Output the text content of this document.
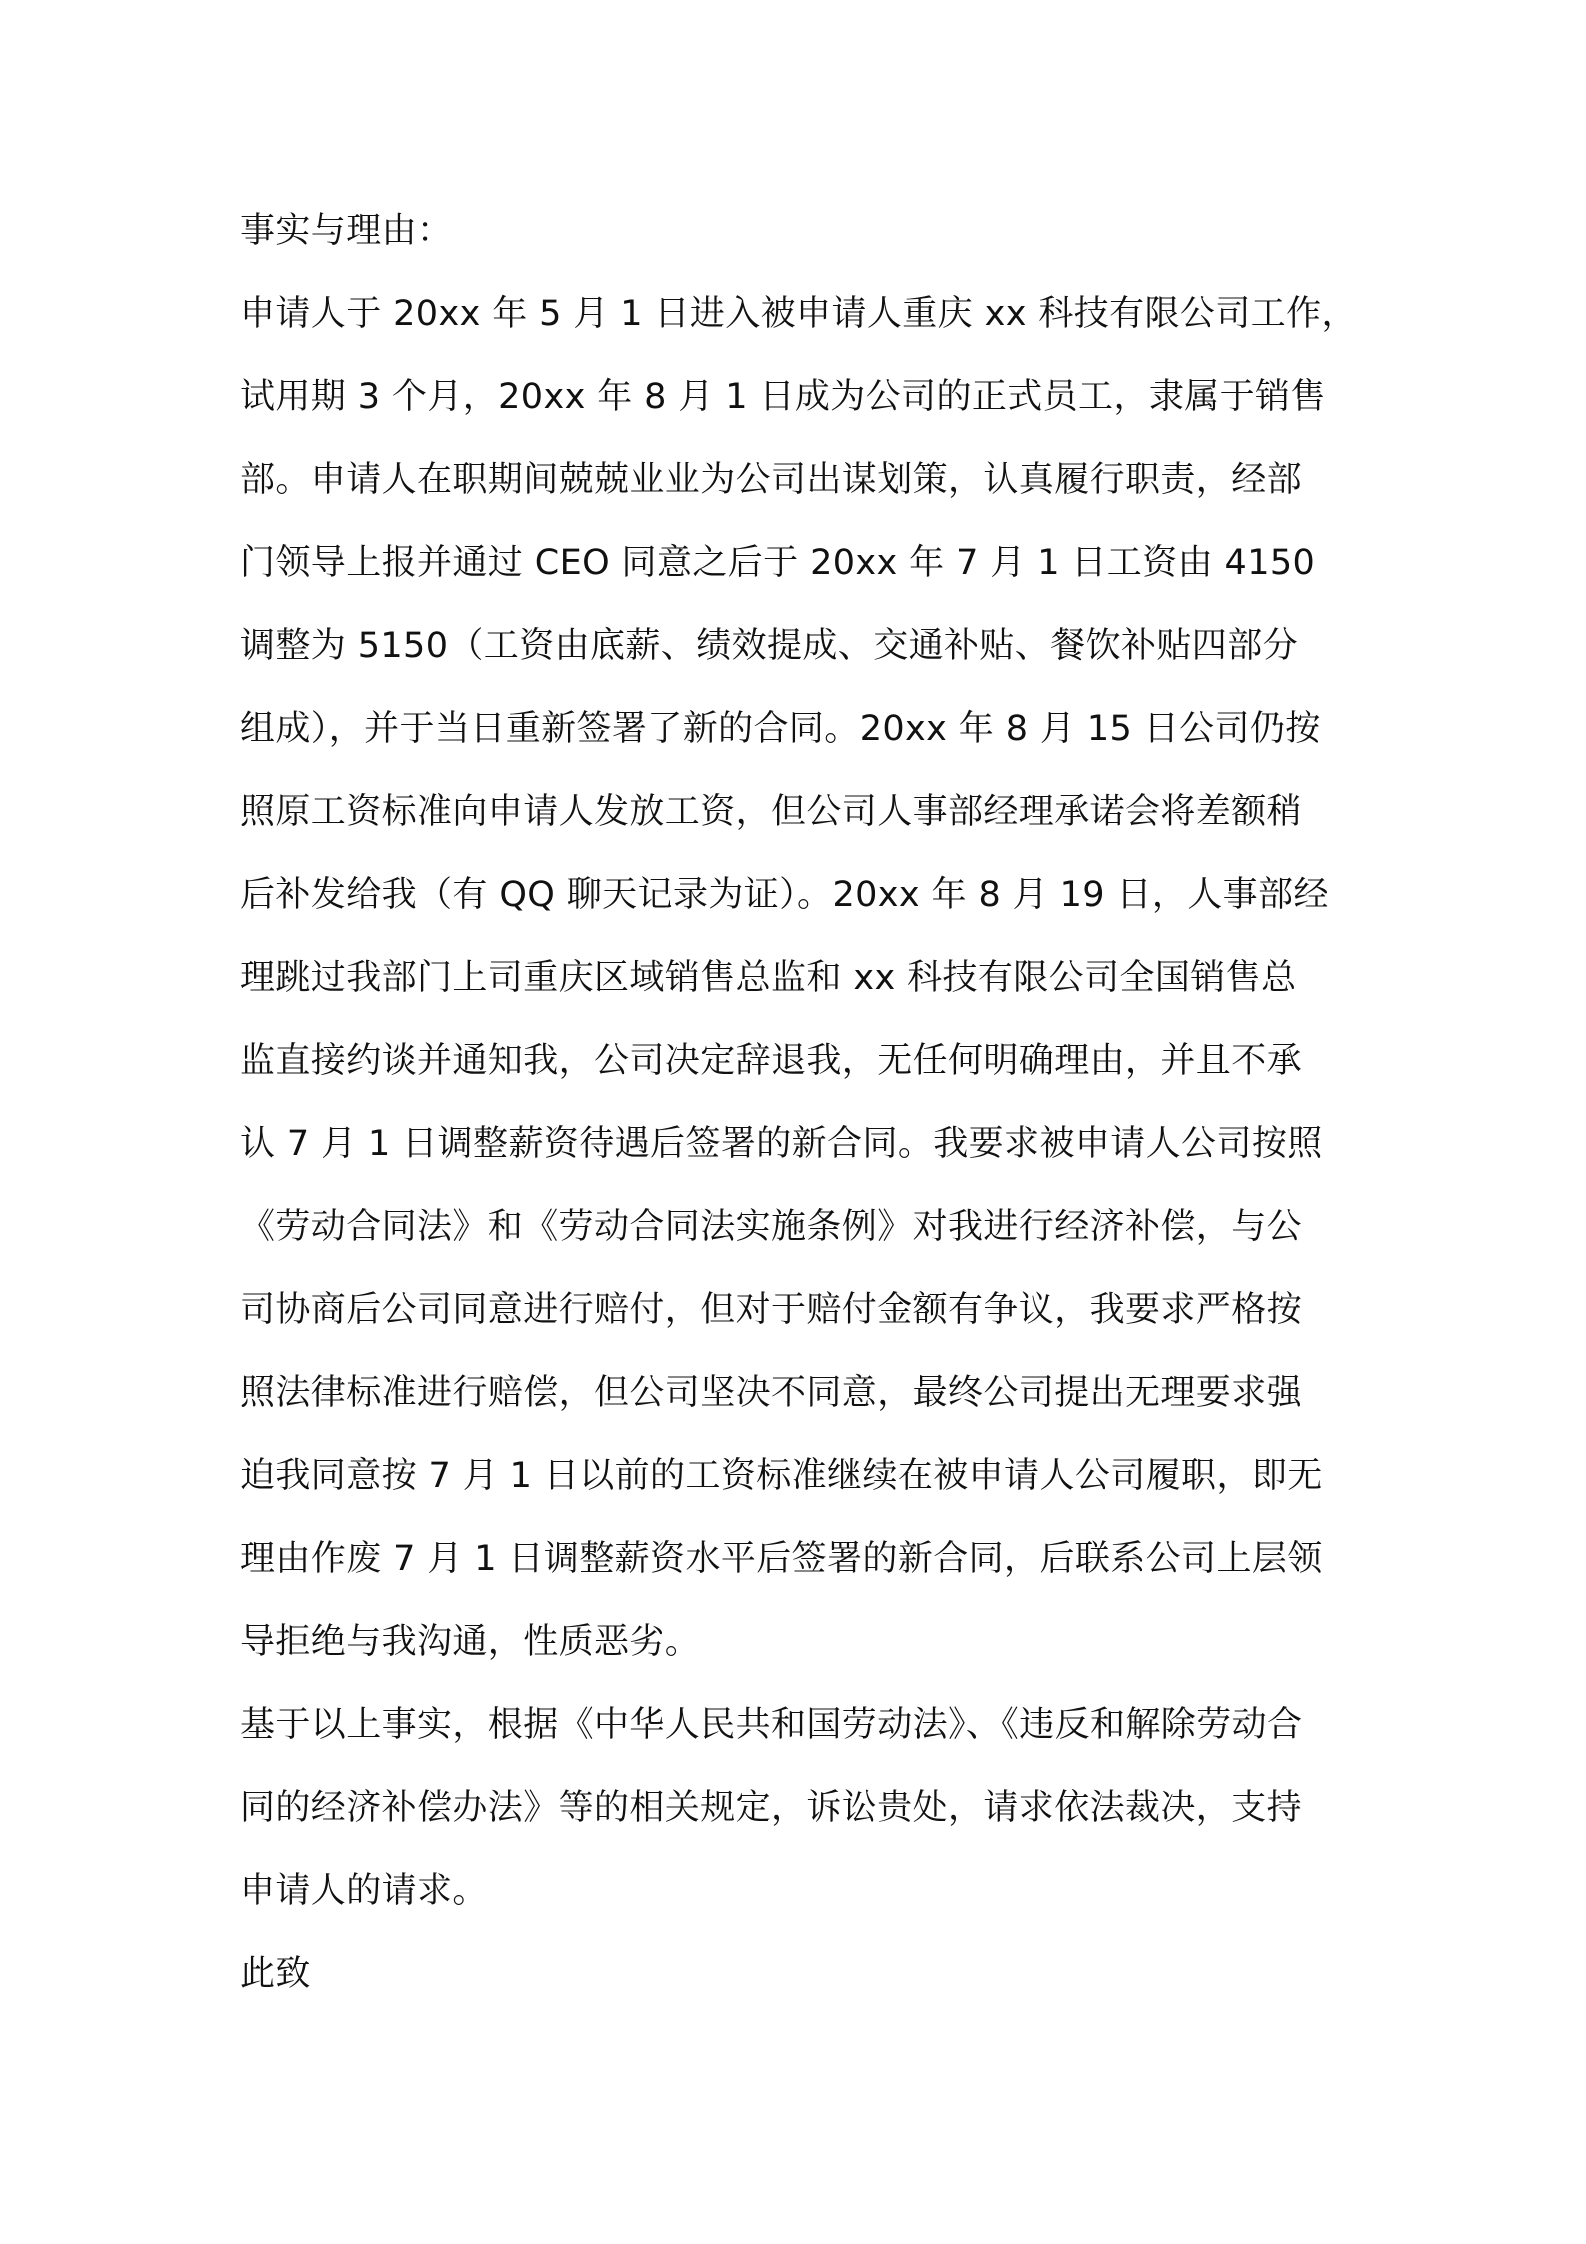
事实与理由：
申请人于 20xx 年 5 月 1 日进入被申请人重庆 xx 科技有限公司工作，
试用期 3 个月，20xx 年 8 月 1 日成为公司的正式员工，隶属于销售
部。申请人在职期间兢兢业业为公司出谋划策，认真履行职责，经部
门领导上报并通过 CEO 同意之后于 20xx 年 7 月 1 日工资由 4150
调整为 5150（工资由底薪、绩效提成、交通补贴、餐饮补贴四部分
组成），并于当日重新签署了新的合同。20xx 年 8 月 15 日公司仍按
照原工资标准向申请人发放工资，但公司人事部经理承诺会将差额稍
后补发给我（有 QQ 聊天记录为证）。20xx 年 8 月 19 日，人事部经
理跳过我部门上司重庆区域销售总监和 xx 科技有限公司全国销售总
监直接约谈并通知我，公司决定辞退我，无任何明确理由，并且不承
认 7 月 1 日调整薪资待遇后签署的新合同。我要求被申请人公司按照
《劳动合同法》和《劳动合同法实施条例》对我进行经济补偿，与公
司协商后公司同意进行赔付，但对于赔付金额有争议，我要求严格按
照法律标准进行赔偿，但公司坚决不同意，最终公司提出无理要求强
迫我同意按 7 月 1 日以前的工资标准继续在被申请人公司履职，即无
理由作废 7 月 1 日调整薪资水平后签署的新合同，后联系公司上层领
导拒绝与我沟通，性质恶劣。
基于以上事实，根据《中华人民共和国劳动法》、《违反和解除劳动合
同的经济补偿办法》等的相关规定，诉讼贵处，请求依法裁决，支持
申请人的请求。
此致
